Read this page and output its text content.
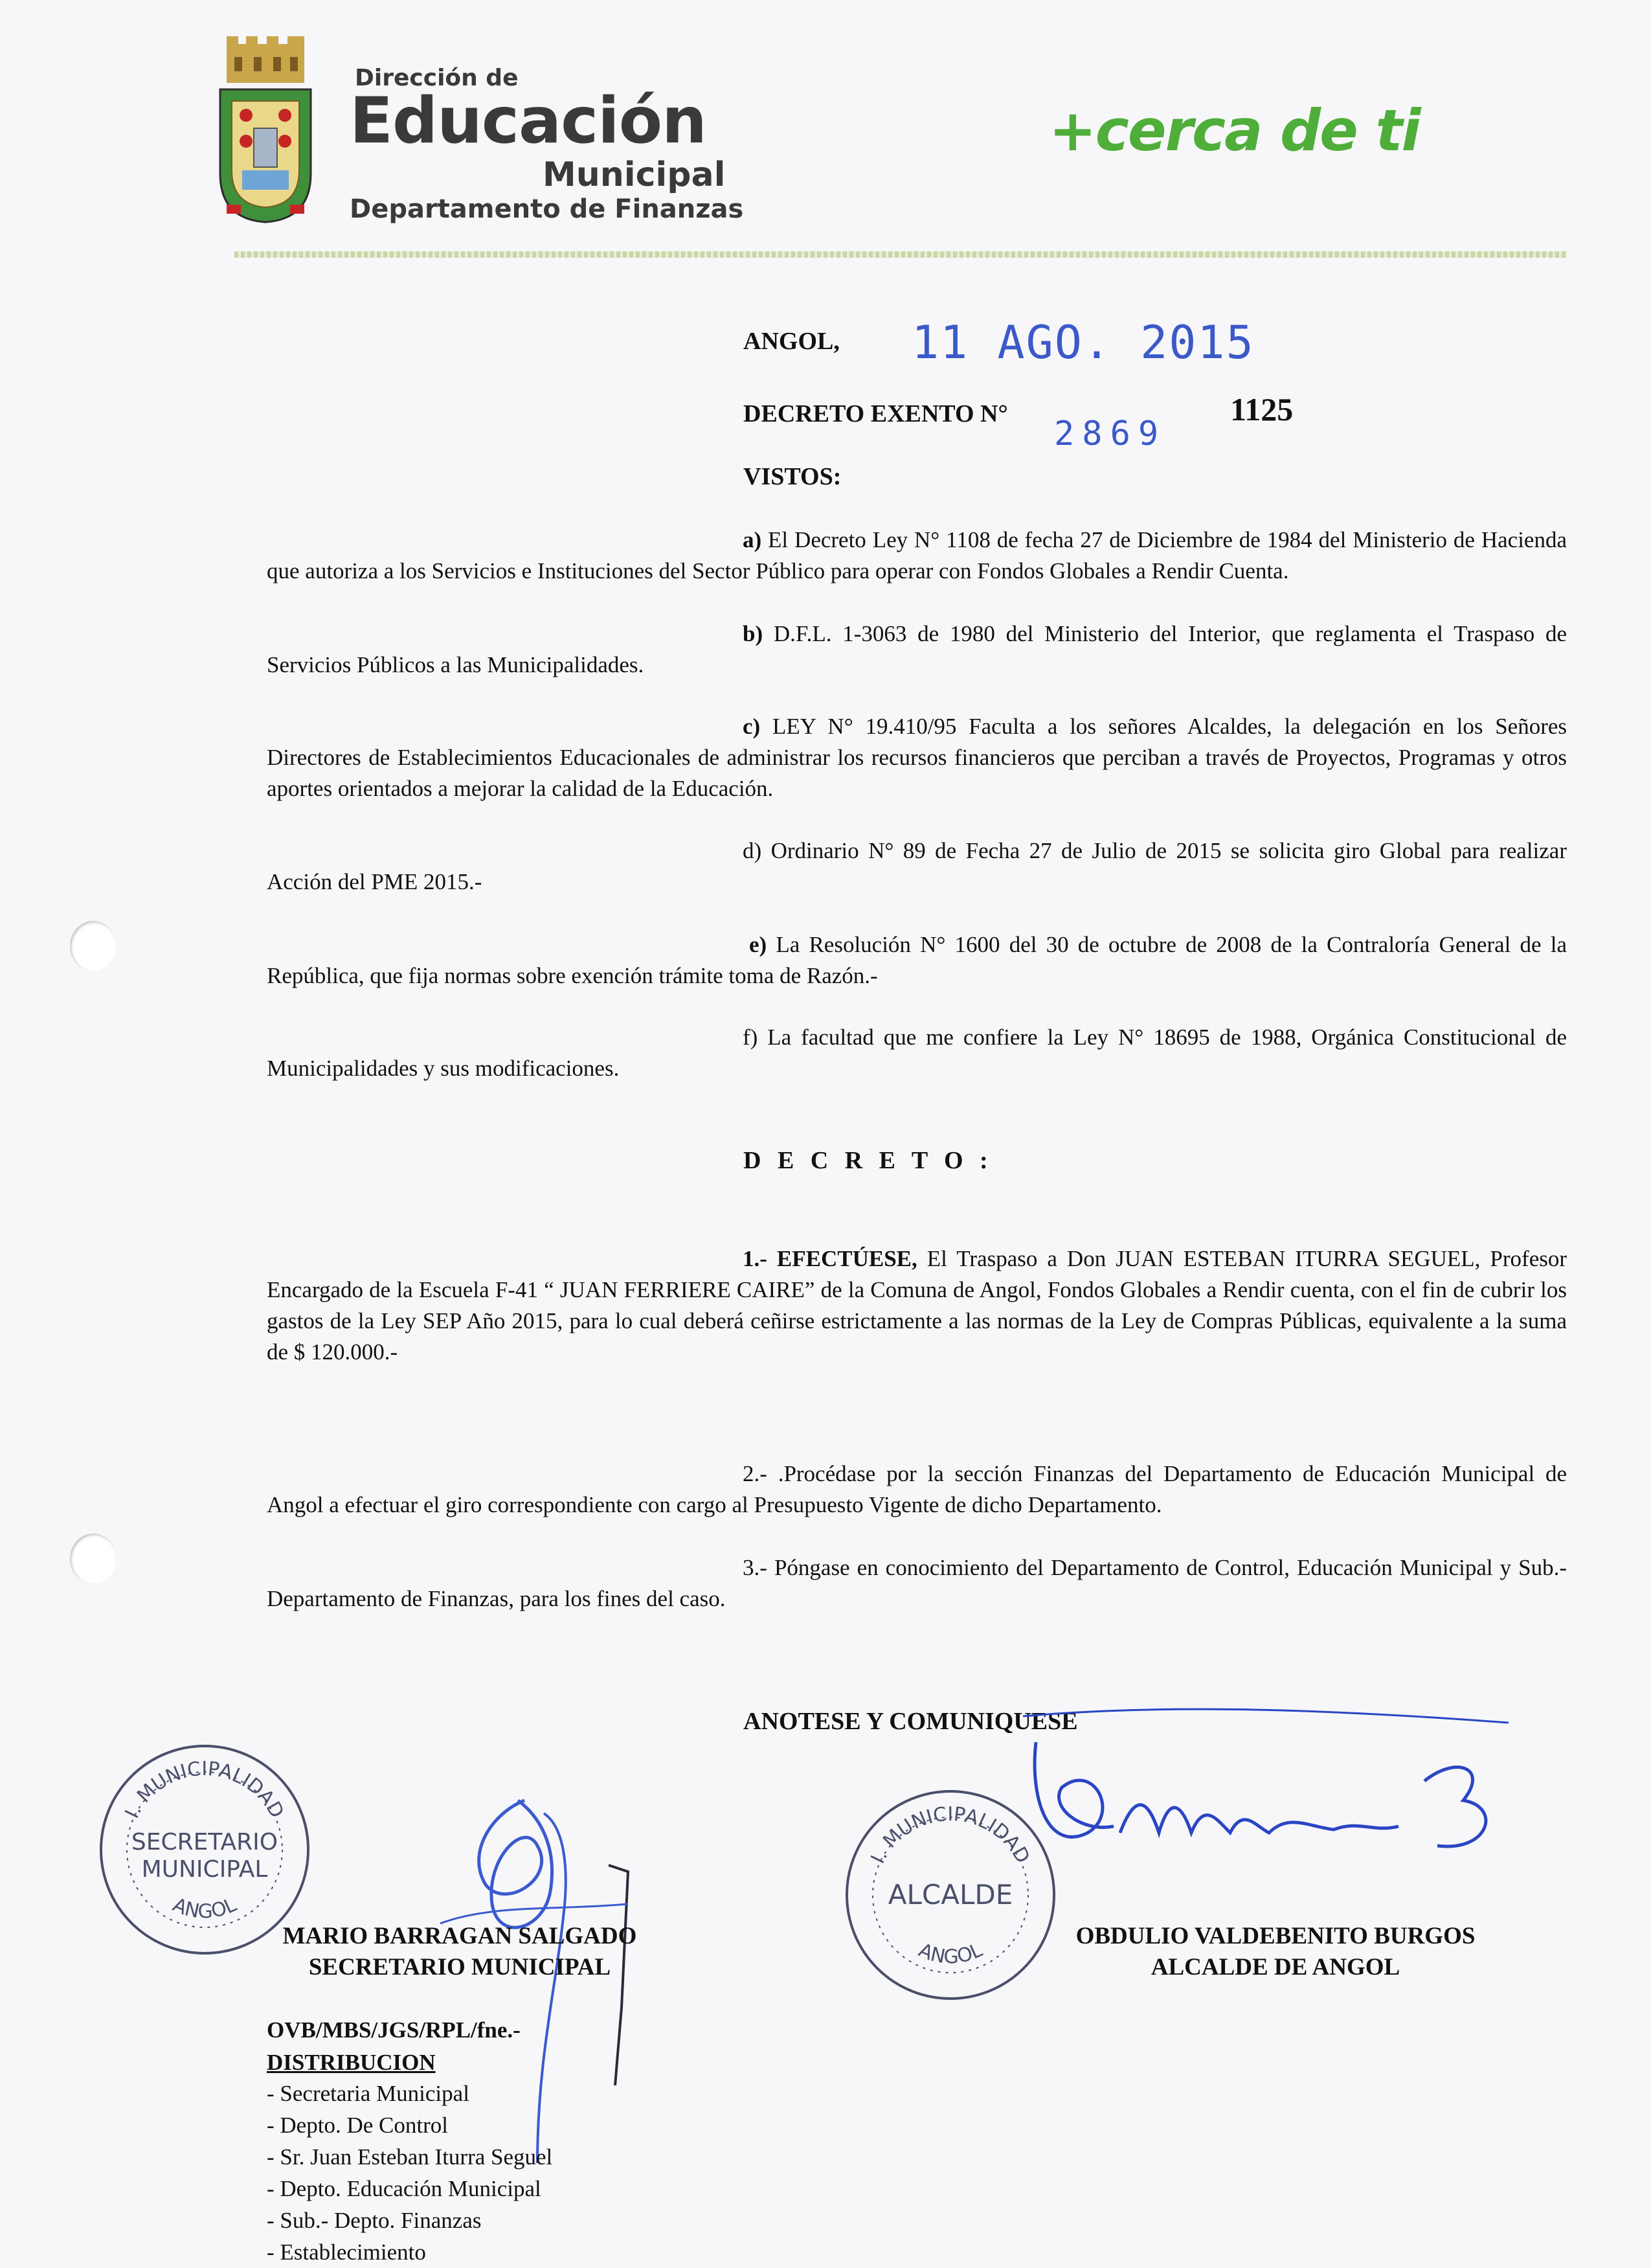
Dirección de
Educación
Municipal
Departamento de Finanzas
+cerca de ti
ANGOL, 11 AGO. 2015
DECRETO EXENTO N°
2869
1125
VISTOS:
a) El Decreto Ley N° 1108 de fecha 27 de Diciembre de 1984 del Ministerio de Hacienda que autoriza a los Servicios e Instituciones del Sector Público para operar con Fondos Globales a Rendir Cuenta.
b) D.F.L. 1-3063 de 1980 del Ministerio del Interior, que reglamenta el Traspaso de Servicios Públicos a las Municipalidades.
c) LEY N° 19.410/95 Faculta a los señores Alcaldes, la delegación en los Señores Directores de Establecimientos Educacionales de administrar los recursos financieros que perciban a través de Proyectos, Programas y otros aportes orientados a mejorar la calidad de la Educación.
d) Ordinario N° 89 de Fecha 27 de Julio de 2015 se solicita giro Global para realizar Acción del PME 2015.-
e) La Resolución N° 1600 del 30 de octubre de 2008 de la Contraloría General de la República, que fija normas sobre exención trámite toma de Razón.-
f) La facultad que me confiere la Ley N° 18695 de 1988, Orgánica Constitucional de Municipalidades y sus modificaciones.
D E C R E T O :
1.- EFECTÚESE, El Traspaso a Don JUAN ESTEBAN ITURRA SEGUEL, Profesor Encargado de la Escuela F-41 “ JUAN FERRIERE CAIRE” de la Comuna de Angol, Fondos Globales a Rendir cuenta, con el fin de cubrir los gastos de la Ley SEP Año 2015, para lo cual deberá ceñirse estrictamente a las normas de la Ley de Compras Públicas, equivalente a la suma de $ 120.000.-
2.- .Procédase por la sección Finanzas del Departamento de Educación Municipal de Angol a efectuar el giro correspondiente con cargo al Presupuesto Vigente de dicho Departamento.
3.- Póngase en conocimiento del Departamento de Control, Educación Municipal y Sub.-Departamento de Finanzas, para los fines del caso.
ANOTESE Y COMUNIQUESE
I. MUNICIPALIDAD
SECRETARIO
MUNICIPAL
ANGOL
I. MUNICIPALIDAD
ALCALDE
ANGOL
MARIO BARRAGAN SALGADO
SECRETARIO MUNICIPAL
OBDULIO VALDEBENITO BURGOS
ALCALDE DE ANGOL
OVB/MBS/JGS/RPL/fne.-
DISTRIBUCION
- Secretaria Municipal
- Depto. De Control
- Sr. Juan Esteban Iturra Seguel
- Depto. Educación Municipal
- Sub.- Depto. Finanzas
- Establecimiento
